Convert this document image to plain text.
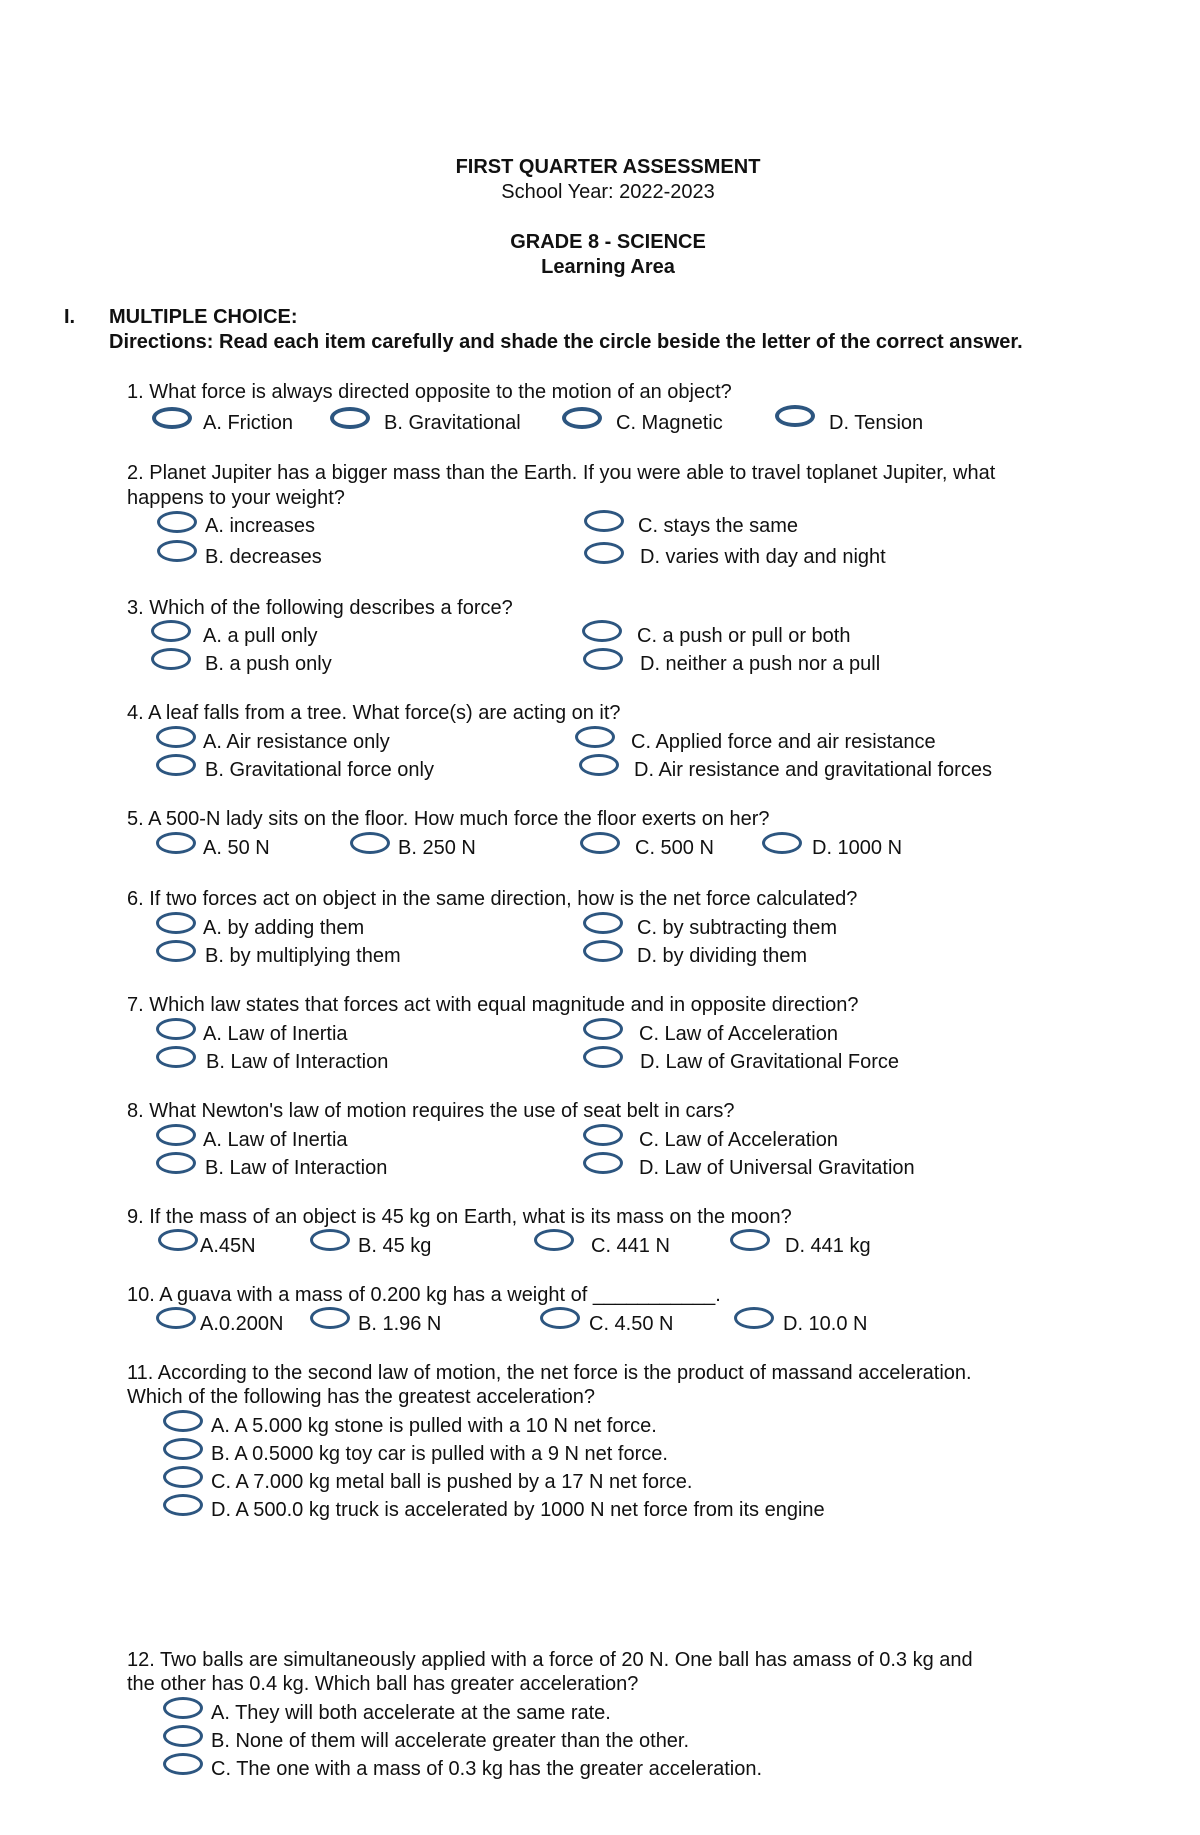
FIRST QUARTER ASSESSMENT
School Year: 2022-2023
GRADE 8 - SCIENCE
Learning Area
I. MULTIPLE CHOICE:
Directions: Read each item carefully and shade the circle beside the letter of the correct answer.
1. What force is always directed opposite to the motion of an object?
A. Friction	B. Gravitational	C. Magnetic	D. Tension
2. Planet Jupiter has a bigger mass than the Earth. If you were able to travel toplanet Jupiter, what
happens to your weight?
A. increases	C. stays the same
B. decreases	D. varies with day and night
3. Which of the following describes a force?
A. a pull only	C. a push or pull or both
B. a push only	D. neither a push nor a pull
4. A leaf falls from a tree. What force(s) are acting on it?
A. Air resistance only	C. Applied force and air resistance
B. Gravitational force only	D. Air resistance and gravitational forces
5. A 500-N lady sits on the floor. How much force the floor exerts on her?
A. 50 N	B. 250 N	C. 500 N	D. 1000 N
6. If two forces act on object in the same direction, how is the net force calculated?
A. by adding them	C. by subtracting them
B. by multiplying them	D. by dividing them
7. Which law states that forces act with equal magnitude and in opposite direction?
A. Law of Inertia	C. Law of Acceleration
B. Law of Interaction	D. Law of Gravitational Force
8. What Newton's law of motion requires the use of seat belt in cars?
A. Law of Inertia	C. Law of Acceleration
B. Law of Interaction	D. Law of Universal Gravitation
9. If the mass of an object is 45 kg on Earth, what is its mass on the moon?
A.45N	B. 45 kg	C. 441 N	D. 441 kg
10. A guava with a mass of 0.200 kg has a weight of ___________.
A.0.200N	B. 1.96 N	C. 4.50 N	D. 10.0 N
11. According to the second law of motion, the net force is the product of massand acceleration.
Which of the following has the greatest acceleration?
A. A 5.000 kg stone is pulled with a 10 N net force.
B. A 0.5000 kg toy car is pulled with a 9 N net force.
C. A 7.000 kg metal ball is pushed by a 17 N net force.
D. A 500.0 kg truck is accelerated by 1000 N net force from its engine
12. Two balls are simultaneously applied with a force of 20 N. One ball has amass of 0.3 kg and
the other has 0.4 kg. Which ball has greater acceleration?
A. They will both accelerate at the same rate.
B. None of them will accelerate greater than the other.
C. The one with a mass of 0.3 kg has the greater acceleration.
